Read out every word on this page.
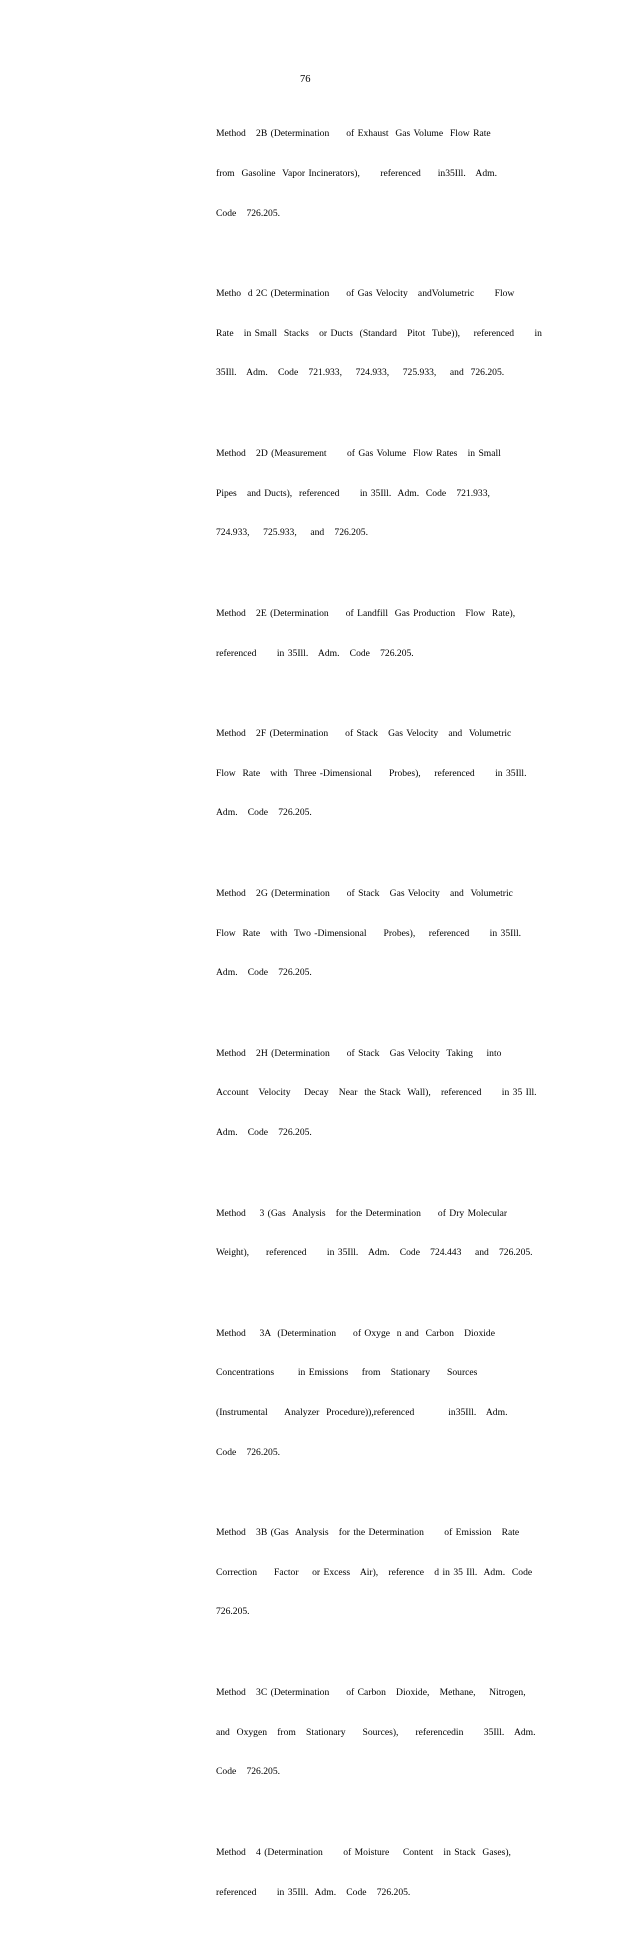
76

Method   2B (Determination     of Exhaust  Gas Volume  Flow Rate

from  Gasoline  Vapor Incinerators),      referenced     in35Ill.   Adm.

Code   726.205.

Metho  d 2C (Determination     of Gas Velocity   andVolumetric      Flow

Rate   in Small  Stacks   or Ducts  (Standard   Pitot  Tube)),    referenced      in

35Ill.   Adm.   Code   721.933,    724.933,    725.933,    and  726.205.

Method   2D (Measurement      of Gas Volume  Flow Rates   in Small

Pipes   and Ducts),  referenced      in 35Ill.  Adm.  Code   721.933,

724.933,    725.933,    and   726.205.

Method   2E (Determination     of Landfill  Gas Production   Flow  Rate),

referenced      in 35Ill.   Adm.   Code   726.205.

Method   2F (Determination     of Stack   Gas Velocity   and  Volumetric

Flow  Rate   with  Three -Dimensional     Probes),    referenced      in 35Ill.

Adm.   Code   726.205.

Method   2G (Determination     of Stack   Gas Velocity   and  Volumetric

Flow  Rate   with  Two -Dimensional     Probes),    referenced      in 35Ill.

Adm.   Code   726.205.

Method   2H (Determination     of Stack   Gas Velocity  Taking    into

Account   Velocity    Decay   Near  the Stack  Wall),   referenced      in 35 Ill.

Adm.   Code   726.205.

Method    3 (Gas  Analysis   for the Determination     of Dry Molecular

Weight),     referenced      in 35Ill.   Adm.   Code   724.443    and   726.205.

Method    3A  (Determination     of Oxyge  n and  Carbon   Dioxide

Concentrations       in Emissions    from   Stationary     Sources

(Instrumental     Analyzer  Procedure)),referenced          in35Ill.   Adm.

Code   726.205.

Method   3B (Gas  Analysis   for the Determination      of Emission   Rate

Correction     Factor    or Excess   Air),   reference   d in 35 Ill.  Adm.  Code

726.205.

Method   3C (Determination     of Carbon   Dioxide,   Methane,    Nitrogen,

and  Oxygen   from   Stationary     Sources),     referencedin      35Ill.   Adm.

Code   726.205.

Method   4 (Determination      of Moisture    Content   in Stack  Gases),

referenced      in 35Ill.  Adm.   Code   726.205.
